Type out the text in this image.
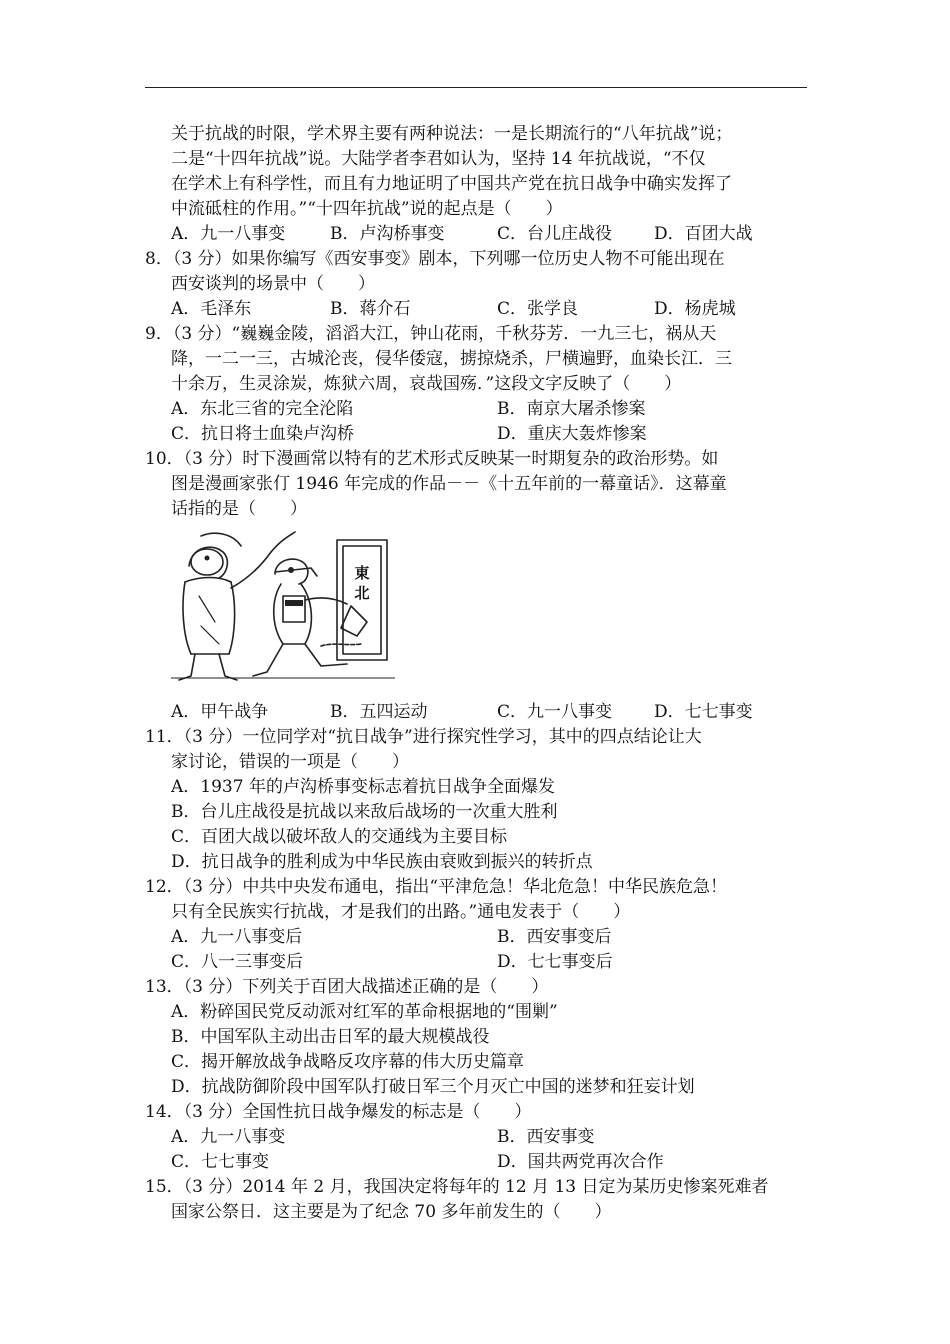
关于抗战的时限，学术界主要有两种说法：一是长期流行的“八年抗战”说；
二是“十四年抗战”说。大陆学者李君如认为，坚持 14 年抗战说，“不仅
在学术上有科学性，而且有力地证明了中国共产党在抗日战争中确实发挥了
中流砥柱的作用。”“十四年抗战”说的起点是（　　）
A．九一八事变	B．卢沟桥事变	C．台儿庄战役 D．百团大战
8．（3 分）如果你编写《西安事变》剧本，下列哪一位历史人物不可能出现在
西安谈判的场景中（　　）
A．毛泽东	B．蒋介石	C．张学良	D．杨虎城
9．（3 分）“巍巍金陵，滔滔大江，钟山花雨，千秋芬芳．一九三七，祸从天
降，一二一三，古城沦丧，侵华倭寇，掳掠烧杀，尸横遍野，血染长江．三
十余万，生灵涂炭，炼狱六周，哀哉国殇．”这段文字反映了（　　）
A．东北三省的完全沦陷	B．南京大屠杀惨案
C．抗日将士血染卢沟桥	D．重庆大轰炸惨案
10．（3 分）时下漫画常以特有的艺术形式反映某一时期复杂的政治形势。如
图是漫画家张仃 1946 年完成的作品－－《十五年前的一幕童话》．这幕童
话指的是（　　）
東
北
A．甲午战争	B．五四运动	C．九一八事变 D．七七事变
11．（3 分）一位同学对“抗日战争”进行探究性学习，其中的四点结论让大
家讨论，错误的一项是（　　）
A．1937 年的卢沟桥事变标志着抗日战争全面爆发
B．台儿庄战役是抗战以来敌后战场的一次重大胜利
C．百团大战以破坏敌人的交通线为主要目标
D．抗日战争的胜利成为中华民族由衰败到振兴的转折点
12．（3 分）中共中央发布通电，指出“平津危急！华北危急！中华民族危急！
只有全民族实行抗战，才是我们的出路。”通电发表于（　　）
A．九一八事变后	B．西安事变后
C．八一三事变后	D．七七事变后
13．（3 分）下列关于百团大战描述正确的是（　　）
A．粉碎国民党反动派对红军的革命根据地的“围剿”
B．中国军队主动出击日军的最大规模战役
C．揭开解放战争战略反攻序幕的伟大历史篇章
D．抗战防御阶段中国军队打破日军三个月灭亡中国的迷梦和狂妄计划
14．（3 分）全国性抗日战争爆发的标志是（　　）
A．九一八事变	B．西安事变
C．七七事变	D．国共两党再次合作
15．（3 分）2014 年 2 月，我国决定将每年的 12 月 13 日定为某历史惨案死难者
国家公祭日．这主要是为了纪念 70 多年前发生的（　　）
